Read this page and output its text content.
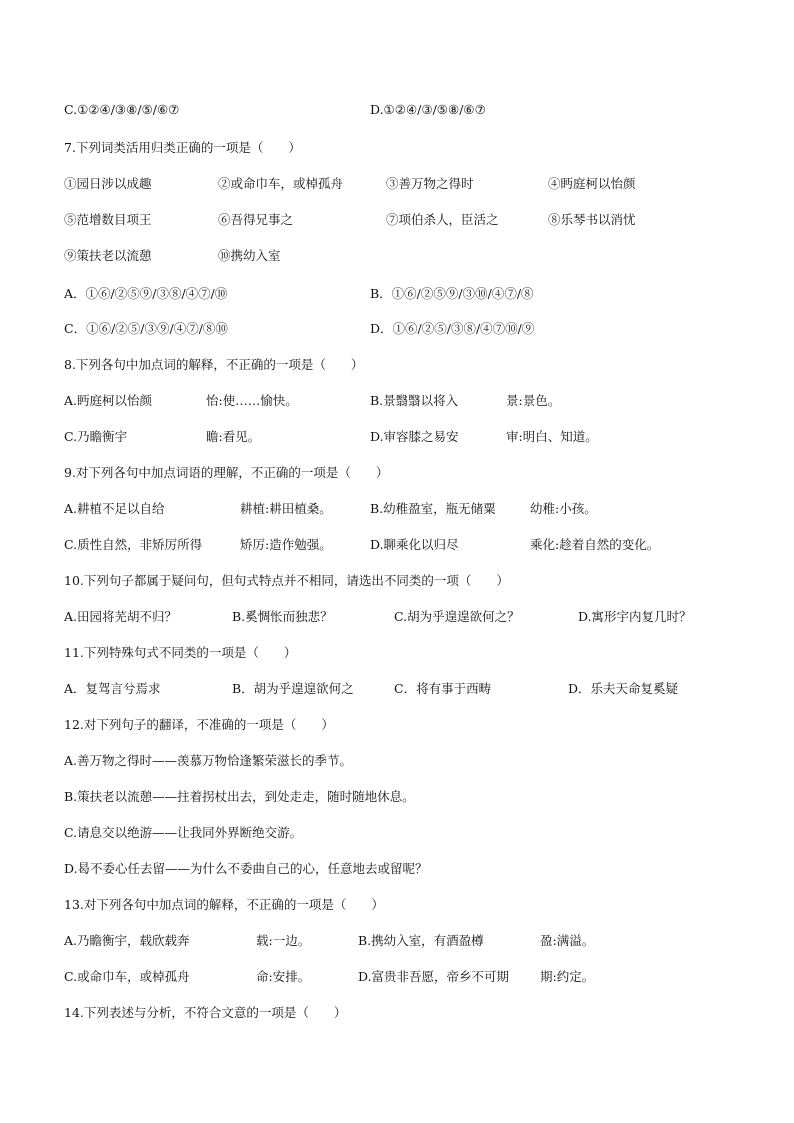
C.①②④/③⑧/⑤/⑥⑦	D.①②④/③/⑤⑧/⑥⑦
7.下列词类活用归类正确的一项是（　　）
①园日涉以成趣	②或命巾车，或棹孤舟	③善万物之得时	④眄庭柯以怡颜
⑤范增数目项王	⑥吾得兄事之	⑦项伯杀人，臣活之	⑧乐琴书以消忧
⑨策扶老以流憩	⑩携幼入室
A．①⑥/②⑤⑨/③⑧/④⑦/⑩	B．①⑥/②⑤⑨/③⑩/④⑦/⑧
C．①⑥/②⑤/③⑨/④⑦/⑧⑩	D．①⑥/②⑤/③⑧/④⑦⑩/⑨
8.下列各句中加点词的解释，不正确的一项是（　　）
A.眄庭柯以怡颜	怡:使……愉快。	B.景翳翳以将入	景:景色。
C.乃瞻衡宇	瞻:看见。	D.审容膝之易安	审:明白、知道。
9.对下列各句中加点词语的理解，不正确的一项是（　　）
A.耕植不足以自给	耕植:耕田植桑。	B.幼稚盈室，瓶无储粟	幼稚:小孩。
C.质性自然，非矫厉所得	矫厉:造作勉强。	D.聊乘化以归尽	乘化:趁着自然的变化。
10.下列句子都属于疑问句，但句式特点并不相同，请选出不同类的一项（　　）
A.田园将芜胡不归？	B.奚惆怅而独悲？	C.胡为乎遑遑欲何之？	D.寓形宇内复几时？
11.下列特殊句式不同类的一项是（　　）
A．复驾言兮焉求	B．胡为乎遑遑欲何之	C．将有事于西畴	D．乐夫天命复奚疑
12.对下列句子的翻译，不准确的一项是（　　）
A.善万物之得时——羡慕万物恰逢繁荣滋长的季节。
B.策扶老以流憩——拄着拐杖出去，到处走走，随时随地休息。
C.请息交以绝游——让我同外界断绝交游。
D.曷不委心任去留——为什么不委曲自己的心，任意地去或留呢？
13.对下列各句中加点词的解释，不正确的一项是（　　）
A.乃瞻衡宇，载欣载奔	载:一边。	B.携幼入室，有酒盈樽	盈:满溢。
C.或命巾车，或棹孤舟	命:安排。	D.富贵非吾愿，帝乡不可期 期:约定。
14.下列表述与分析，不符合文意的一项是（　　）
